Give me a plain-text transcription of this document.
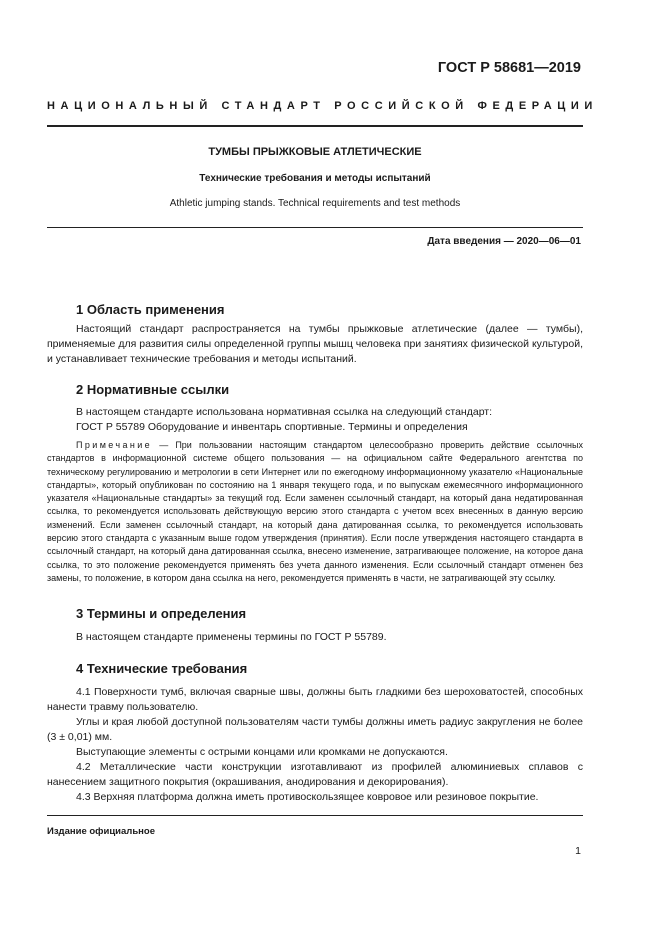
ГОСТ Р 58681—2019
НАЦИОНАЛЬНЫЙ СТАНДАРТ РОССИЙСКОЙ ФЕДЕРАЦИИ
ТУМБЫ ПРЫЖКОВЫЕ АТЛЕТИЧЕСКИЕ
Технические требования и методы испытаний
Athletic jumping stands. Technical requirements and test methods
Дата введения — 2020—06—01
1 Область применения

Настоящий стандарт распространяется на тумбы прыжковые атлетические (далее — тумбы), применяемые для развития силы определенной группы мышц человека при занятиях физической культурой, и устанавливает технические требования и методы испытаний.

2 Нормативные ссылки

В настоящем стандарте использована нормативная ссылка на следующий стандарт:

ГОСТ Р 55789 Оборудование и инвентарь спортивные. Термины и определения

Примечание — При пользовании настоящим стандартом целесообразно проверить действие ссылочных стандартов в информационной системе общего пользования — на официальном сайте Федерального агентства по техническому регулированию и метрологии в сети Интернет или по ежегодному информационному указателю «Национальные стандарты», который опубликован по состоянию на 1 января текущего года, и по выпускам ежемесячного информационного указателя «Национальные стандарты» за текущий год. Если заменен ссылочный стандарт, на который дана недатированная ссылка, то рекомендуется использовать действующую версию этого стандарта с учетом всех внесенных в данную версию изменений. Если заменен ссылочный стандарт, на который дана датированная ссылка, то рекомендуется использовать версию этого стандарта с указанным выше годом утверждения (принятия). Если после утверждения настоящего стандарта в ссылочный стандарт, на который дана датированная ссылка, внесено изменение, затрагивающее положение, на которое дана ссылка, то это положение рекомендуется применять без учета данного изменения. Если ссылочный стандарт отменен без замены, то положение, в котором дана ссылка на него, рекомендуется применять в части, не затрагивающей эту ссылку.

3 Термины и определения

В настоящем стандарте применены термины по ГОСТ Р 55789.

4 Технические требования

4.1 Поверхности тумб, включая сварные швы, должны быть гладкими без шероховатостей, способных нанести травму пользователю.

Углы и края любой доступной пользователям части тумбы должны иметь радиус закругления не более (3 ± 0,01) мм.

Выступающие элементы с острыми концами или кромками не допускаются.

4.2 Металлические части конструкции изготавливают из профилей алюминиевых сплавов с нанесением защитного покрытия (окрашивания, анодирования и декорирования).

4.3 Верхняя платформа должна иметь противоскользящее ковровое или резиновое покрытие.

Издание официальное
1
